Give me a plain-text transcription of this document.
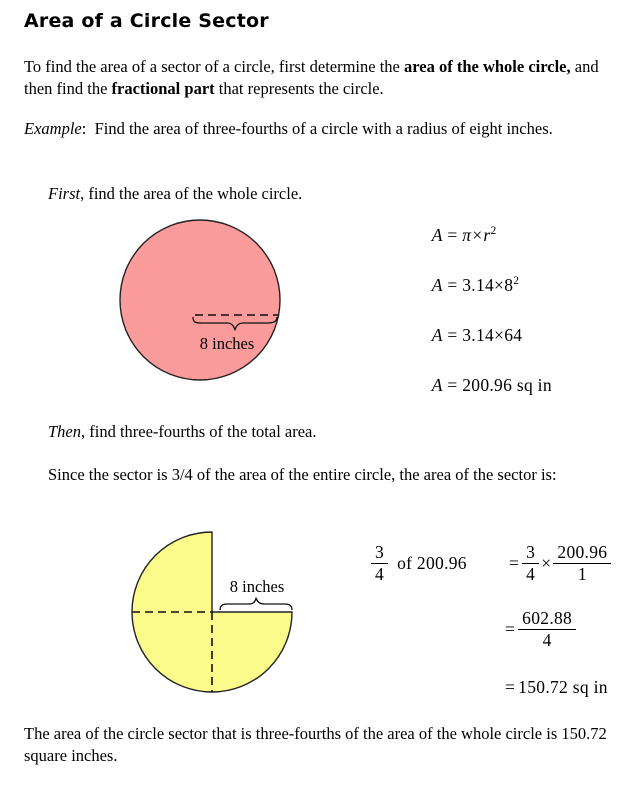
Area of a Circle Sector
To find the area of a sector of a circle, first determine the area of the whole circle, and then find the fractional part that represents the circle.
Example:  Find the area of three-fourths of a circle with a radius of eight inches.
First, find the area of the whole circle.
8 inches

$A = \pi\times r^2$

$A = 3.14\times 8^2$

A = 3.14×64

A = 200.96 sq in

Then, find three-fourths of the total area.
Since the sector is 3/4 of the area of the entire circle, the area of the sector is:
8 inches
$\frac{3}{4}$ of $200.96 = \frac{3}{4} \times \frac{200.96}{1}$
= $\frac{602.88}{4}$
= 150.72 sq in
The area of the circle sector that is three-fourths of the area of the whole circle is 150.72 square inches.
